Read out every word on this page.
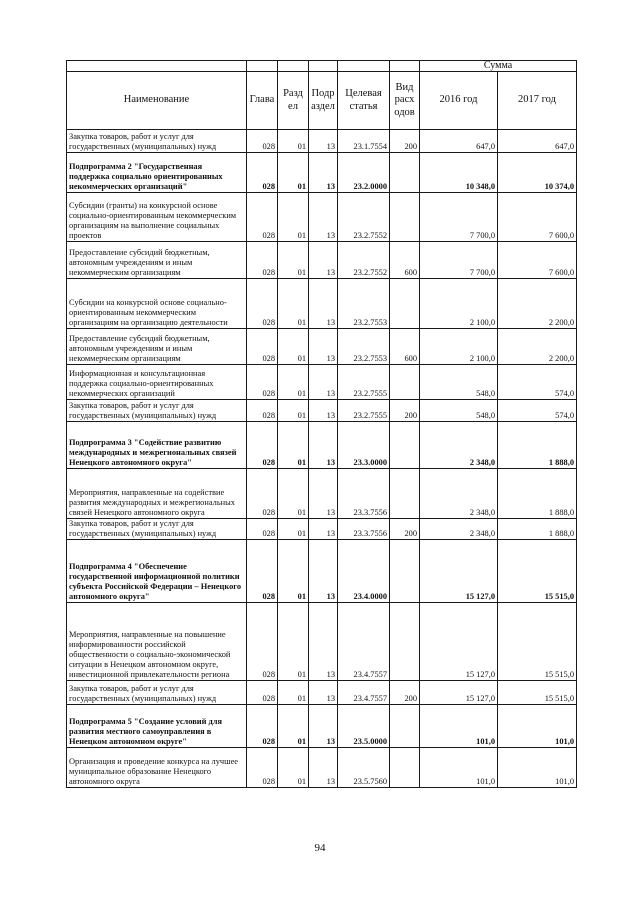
						Сумма	
Наименование	Глава	Разд ел	Подр аздел	Целевая статья	Вид расх одов	2016 год	2017 год
Закупка товаров, работ и услуг для государственных (муниципальных) нужд	028	01	13	23.1.7554	200	647,0	647,0
Подпрограмма 2 "Государственная поддержка социально ориентированных некоммерческих организаций"	028	01	13	23.2.0000		10 348,0	10 374,0
Субсидии (гранты) на конкурсной основе социально-ориентированным некоммерческим организациям на выполнение социальных проектов	028	01	13	23.2.7552		7 700,0	7 600,0
Предоставление субсидий бюджетным, автономным учреждениям и иным некоммерческим организациям	028	01	13	23.2.7552	600	7 700,0	7 600,0
Субсидии на конкурсной основе социально-ориентированным некоммерческим организациям на организацию деятельности	028	01	13	23.2.7553		2 100,0	2 200,0
Предоставление субсидий бюджетным, автономным учреждениям и иным некоммерческим организациям	028	01	13	23.2.7553	600	2 100,0	2 200,0
Информационная и консультационная поддержка социально-ориентированных некоммерческих организаций	028	01	13	23.2.7555		548,0	574,0
Закупка товаров, работ и услуг для государственных (муниципальных) нужд	028	01	13	23.2.7555	200	548,0	574,0
Подпрограмма 3 "Содействие развитию международных и межрегиональных связей Ненецкого автономного округа"	028	01	13	23.3.0000		2 348,0	1 888,0
Мероприятия, направленные на содействие развития международных и межрегиональных связей Ненецкого автономного округа	028	01	13	23.3.7556		2 348,0	1 888,0
Закупка товаров, работ и услуг для государственных (муниципальных) нужд	028	01	13	23.3.7556	200	2 348,0	1 888,0
Подпрограмма 4 "Обеспечение государственной информационной политики субъекта Российской Федерации – Ненецкого автономного округа"	028	01	13	23.4.0000		15 127,0	15 515,0
Мероприятия, направленные на повышение информированности российской общественности о социально-экономической ситуации в Ненецком автономном округе, инвестиционной привлекательности региона	028	01	13	23.4.7557		15 127,0	15 515,0
Закупка товаров, работ и услуг для государственных (муниципальных) нужд	028	01	13	23.4.7557	200	15 127,0	15 515,0
Подпрограмма 5 "Создание условий для развития местного самоуправления в Ненецком автономном округе"	028	01	13	23.5.0000		101,0	101,0
Организация и проведение конкурса на лучшее муниципальное образование Ненецкого автономного округа	028	01	13	23.5.7560		101,0	101,0
94
